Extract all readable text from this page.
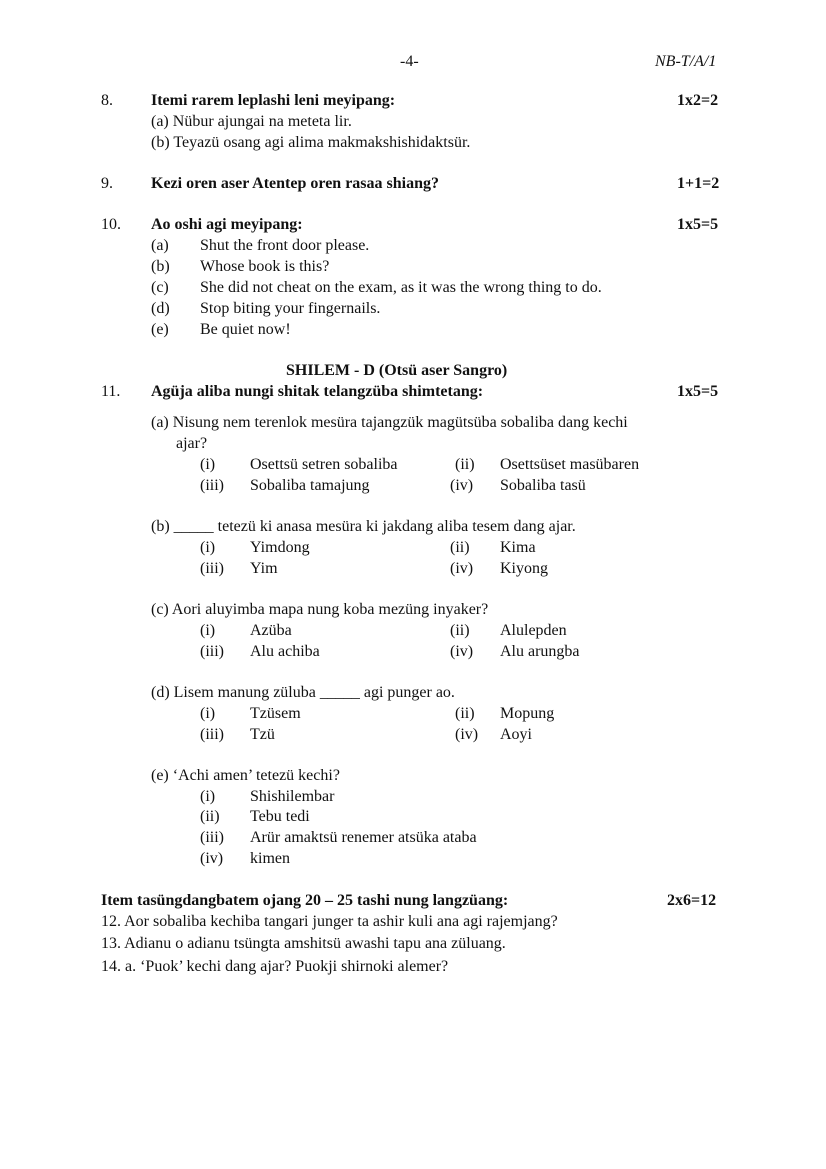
-4-	NB-T/A/1
8. Itemi rarem leplashi leni meyipang:	1x2=2
(a) Nübur ajungai na meteta lir.
(b) Teyazü osang agi alima makmakshishidaktsür.
9. Kezi oren aser Atentep oren rasaa shiang?	1+1=2
10. Ao oshi agi meyipang:	1x5=5
(a) Shut the front door please.
(b) Whose book is this?
(c) She did not cheat on the exam, as it was the wrong thing to do.
(d) Stop biting your fingernails.
(e) Be quiet now!
SHILEM - D (Otsü aser Sangro)
11. Agüja aliba nungi shitak telangzüba shimtetang:	1x5=5
(a) Nisung nem terenlok mesüra tajangzük magütsüba sobaliba dang kechi
ajar?
(i) Osettsü setren sobaliba	(ii) Osettsüset masübaren
(iii) Sobaliba tamajung	(iv) Sobaliba tasü
(b) _____ tetezü ki anasa mesüra ki jakdang aliba tesem dang ajar.
(i) Yimdong	(ii) Kima
(iii) Yim	(iv) Kiyong
(c) Aori aluyimba mapa nung koba mezüng inyaker?
(i) Azüba	(ii) Alulepden
(iii) Alu achiba	(iv) Alu arungba
(d) Lisem manung züluba _____ agi punger ao.
(i) Tzüsem	(ii) Mopung
(iii) Tzü	(iv) Aoyi
(e) ‘Achi amen’ tetezü kechi?
(i) Shishilembar
(ii) Tebu tedi
(iii) Arür amaktsü renemer atsüka ataba
(iv) kimen
Item tasüngdangbatem ojang 20 – 25 tashi nung langzüang:	2x6=12
12. Aor sobaliba kechiba tangari junger ta ashir kuli ana agi rajemjang?
13. Adianu o adianu tsüngta amshitsü awashi tapu ana züluang.
14. a. ‘Puok’ kechi dang ajar? Puokji shirnoki alemer?
